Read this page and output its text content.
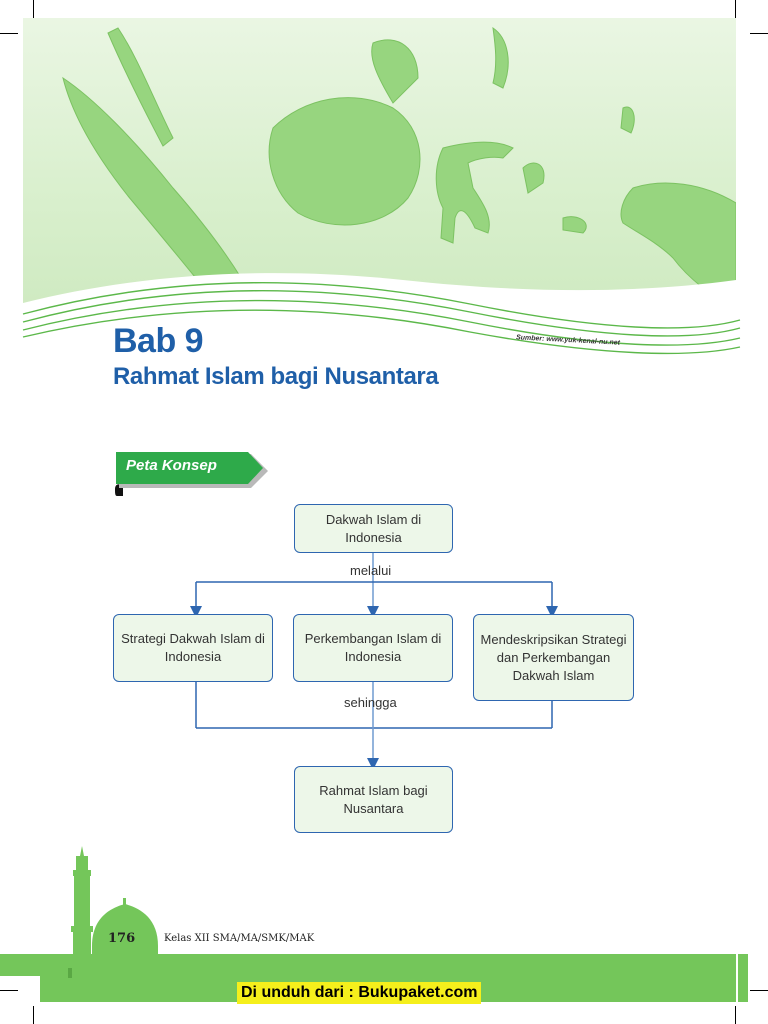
Sumber: www.yuk-kenal-nu.net
Bab 9
Rahmat Islam bagi Nusantara
Peta Konsep
Dakwah Islam di Indonesia
melalui
Strategi Dakwah Islam di Indonesia
Perkembangan Islam di Indonesia
Mendeskripsikan Strategi dan Perkembangan Dakwah Islam
sehingga
Rahmat Islam bagi Nusantara
176	Kelas XII SMA/MA/SMK/MAK
Di unduh dari : Bukupaket.com
